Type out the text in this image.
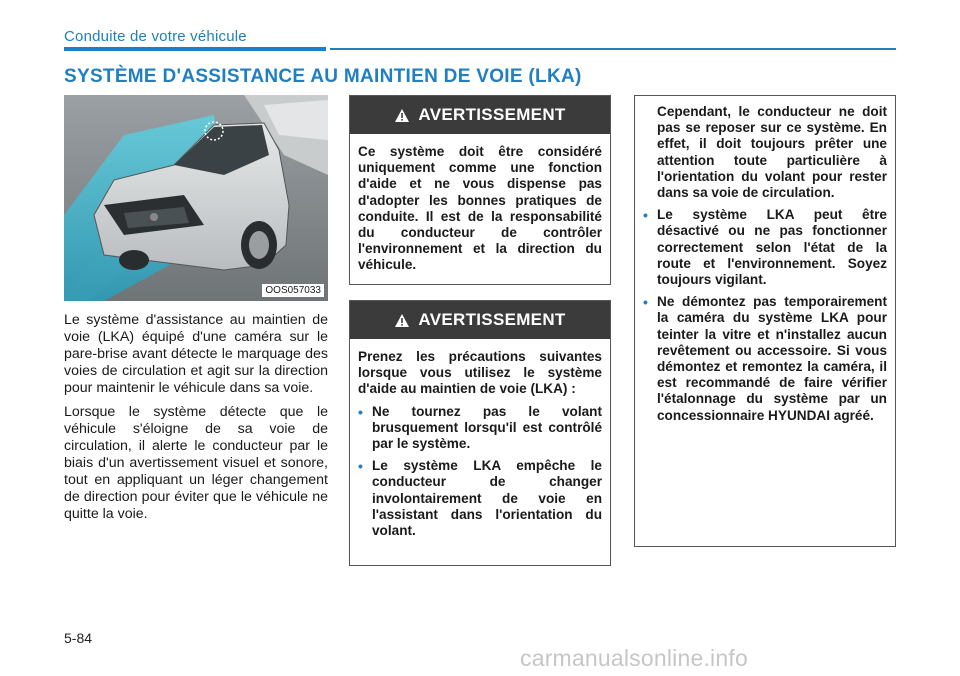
Conduite de votre véhicule
SYSTÈME D'ASSISTANCE AU MAINTIEN DE VOIE (LKA)
OOS057033

Le système d'assistance au maintien de voie (LKA) équipé d'une caméra sur le pare-brise avant détecte le marquage des voies de circulation et agit sur la direction pour maintenir le véhicule dans sa voie.

Lorsque le système détecte que le véhicule s'éloigne de sa voie de circulation, il alerte le conducteur par le biais d'un avertissement visuel et sonore, tout en appliquant un léger changement de direction pour éviter que le véhicule ne quitte la voie.

AVERTISSEMENT
Ce système doit être considéré uniquement comme une fonction d'aide et ne vous dispense pas d'adopter les bonnes pratiques de conduite. Il est de la responsabilité du conducteur de contrôler l'environnement et la direction du véhicule.
AVERTISSEMENT
Prenez les précautions suivantes lorsque vous utilisez le système d'aide au maintien de voie (LKA) :
• Ne tournez pas le volant brusquement lorsqu'il est contrôlé par le système.
• Le système LKA empêche le conducteur de changer involontairement de voie en l'assistant dans l'orientation du volant.
Cependant, le conducteur ne doit pas se reposer sur ce système. En effet, il doit toujours prêter une attention toute particulière à l'orientation du volant pour rester dans sa voie de circulation.
• Le système LKA peut être désactivé ou ne pas fonctionner correctement selon l'état de la route et l'environnement. Soyez toujours vigilant.
• Ne démontez pas temporairement la caméra du système LKA pour teinter la vitre et n'installez aucun revêtement ou accessoire. Si vous démontez et remontez la caméra, il est recommandé de faire vérifier l'étalonnage du système par un concessionnaire HYUNDAI agréé.
5-84
carmanualsonline.info
